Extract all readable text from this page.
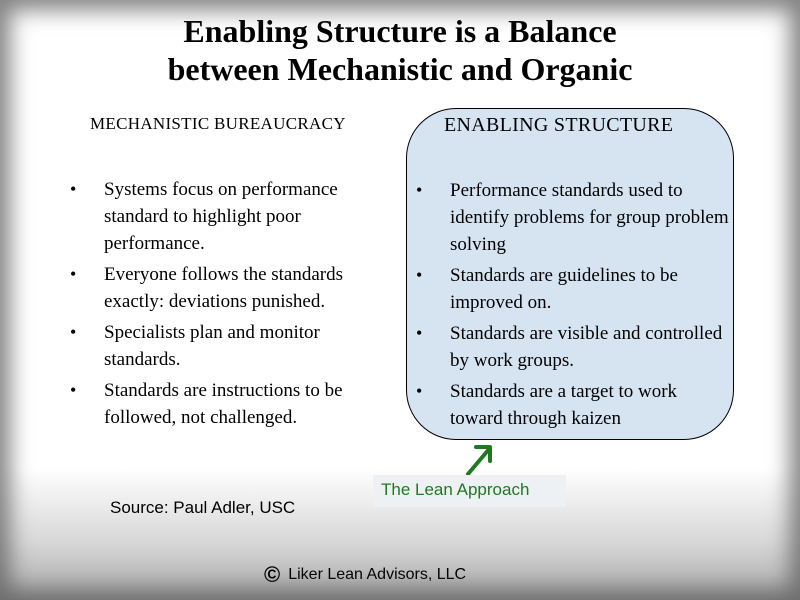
Enabling Structure is a Balance
between Mechanistic and Organic
MECHANISTIC BUREAUCRACY
• Systems focus on performance standard to highlight poor performance.
• Everyone follows the standards exactly: deviations punished.
• Specialists plan and monitor standards.
• Standards are instructions to be followed, not challenged.
ENABLING STRUCTURE
• Performance standards used to identify problems for group problem solving
• Standards are guidelines to be improved on.
• Standards are visible and controlled by work groups.
• Standards are a target to work toward through kaizen
The Lean Approach
Source: Paul Adler, USC
© Liker Lean Advisors, LLC
